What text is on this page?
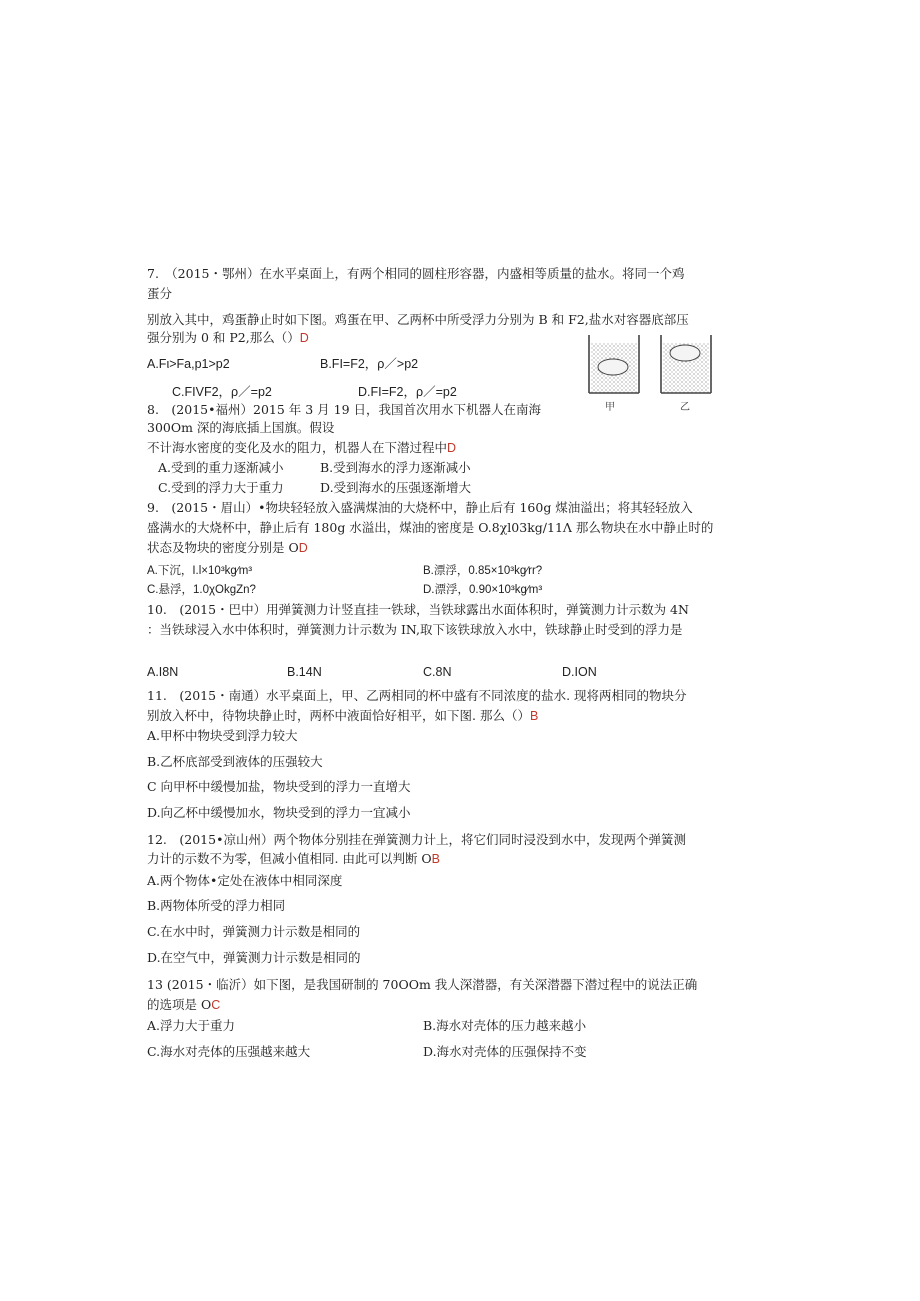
7.　（2015・鄂州）在水平桌面上，有两个相同的圆柱形容器，内盛相等质量的盐水。将同一个鸡
蛋分
别放入其中，鸡蛋静止时如下图。鸡蛋在甲、乙两杯中所受浮力分别为 B 和 F2,盐水对容器底部压
强分别为 0 和 P2,那么（）D
A.Fι>Fa,p1>p2	B.FI=F2，ρ／>p2
C.FIVF2，ρ／=p2	D.FI=F2，ρ／=p2
甲	乙
8.　(2015•福州）2015 年 3 月 19 日，我国首次用水下机器人在南海
300Om 深的海底插上国旗。假设
不计海水密度的变化及水的阻力，机器人在下潜过程中D
A.受到的重力逐渐减小	B.受到海水的浮力逐渐减小
C.受到的浮力大于重力	D.受到海水的压强逐渐增大
9.　(2015・眉山）•物块轻轻放入盛满煤油的大烧杯中，静止后有 160g 煤油溢出；将其轻轻放入
盛满水的大烧杯中，静止后有 180g 水溢出，煤油的密度是 O.8χl03kg∕11Λ 那么物块在水中静止时的
状态及物块的密度分别是 OD
A.下沉，I.l×10³kg∕m³	B.漂浮，0.85×10³kg∕rr?
C.悬浮，1.0χOkgZn?	D.漂浮，0.90×10³kg∕m³
10.　(2015・巴中）用弹簧测力计竖直挂一铁球，当铁球露出水面体积时，弹簧测力计示数为 4N
：当铁球浸入水中体积时，弹簧测力计示数为 IN,取下该铁球放入水中，铁球静止时受到的浮力是
A.I8N	B.14N	C.8N	D.ION
11.　(2015・南通）水平桌面上，甲、乙两相同的杯中盛有不同浓度的盐水. 现将两相同的物块分
别放入杯中，待物块静止时，两杯中液面恰好相平，如下图. 那么（）B
A.甲杯中物块受到浮力较大
B.乙杯底部受到液体的压强较大
C 向甲杯中缓慢加盐，物块受到的浮力一直增大
D.向乙杯中缓慢加水，物块受到的浮力一宜减小
12.　(2015•凉山州）两个物体分别挂在弹簧测力计上，将它们同时浸没到水中，发现两个弹簧测
力计的示数不为零，但减小值相同. 由此可以判断 OB
A.两个物体•定处在液体中相同深度
B.两物体所受的浮力相同
C.在水中时，弹簧测力计示数是相同的
D.在空气中，弹簧测力计示数是相同的
13 (2015・临沂）如下图，是我国研制的 70OOm 我人深潜器，有关深潜器下潜过程中的说法正确
的选项是 OC
A.浮力大于重力	B.海水对壳体的压力越来越小
C.海水对壳体的压强越来越大	D.海水对壳体的压强保持不变
